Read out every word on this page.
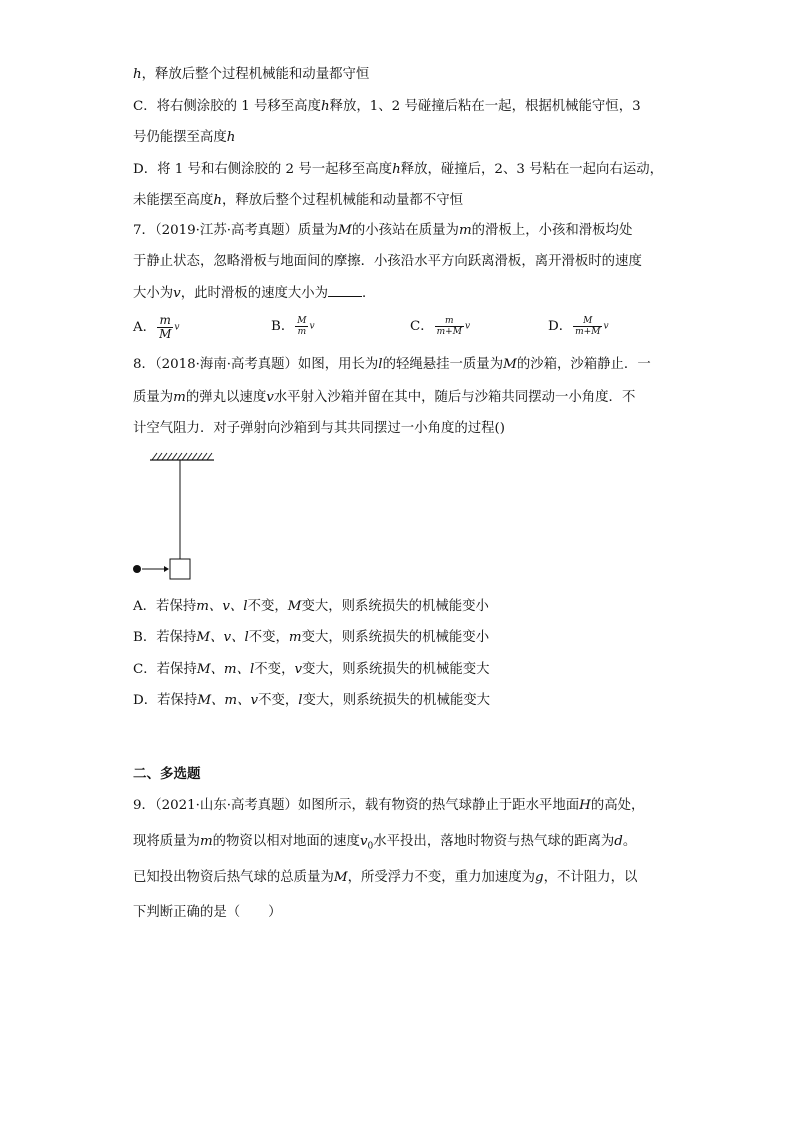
h，释放后整个过程机械能和动量都守恒
C．将右侧涂胶的 1 号移至高度h释放，1、2 号碰撞后粘在一起，根据机械能守恒，3
号仍能摆至高度h
D．将 1 号和右侧涂胶的 2 号一起移至高度h释放，碰撞后，2、3 号粘在一起向右运动，
未能摆至高度h，释放后整个过程机械能和动量都不守恒
7．（2019·江苏·高考真题）质量为M的小孩站在质量为m的滑板上，小孩和滑板均处
于静止状态，忽略滑板与地面间的摩擦．小孩沿水平方向跃离滑板，离开滑板时的速度
大小为v，此时滑板的速度大小为	．
A． $\frac{m}{M}$ v	B． $\frac{M}{m}$ v	C． $\frac{m}{m+M}$ v	D． $\frac{M}{m+M}$ v
8．（2018·海南·高考真题）如图，用长为l的轻绳悬挂一质量为M的沙箱，沙箱静止．一
质量为m的弹丸以速度v水平射入沙箱并留在其中，随后与沙箱共同摆动一小角度．不
计空气阻力．对子弹射向沙箱到与其共同摆过一小角度的过程()
A．若保持m、v、l不变，M变大，则系统损失的机械能变小
B．若保持M、v、l不变，m变大，则系统损失的机械能变小
C．若保持M、m、l不变，v变大，则系统损失的机械能变大
D．若保持M、m、v不变，l变大，则系统损失的机械能变大
二、多选题
9．（2021·山东·高考真题）如图所示，载有物资的热气球静止于距水平地面H的高处，
现将质量为m的物资以相对地面的速度$v_0$水平投出，落地时物资与热气球的距离为d。
已知投出物资后热气球的总质量为M，所受浮力不变，重力加速度为g，不计阻力，以
下判断正确的是（ ）
